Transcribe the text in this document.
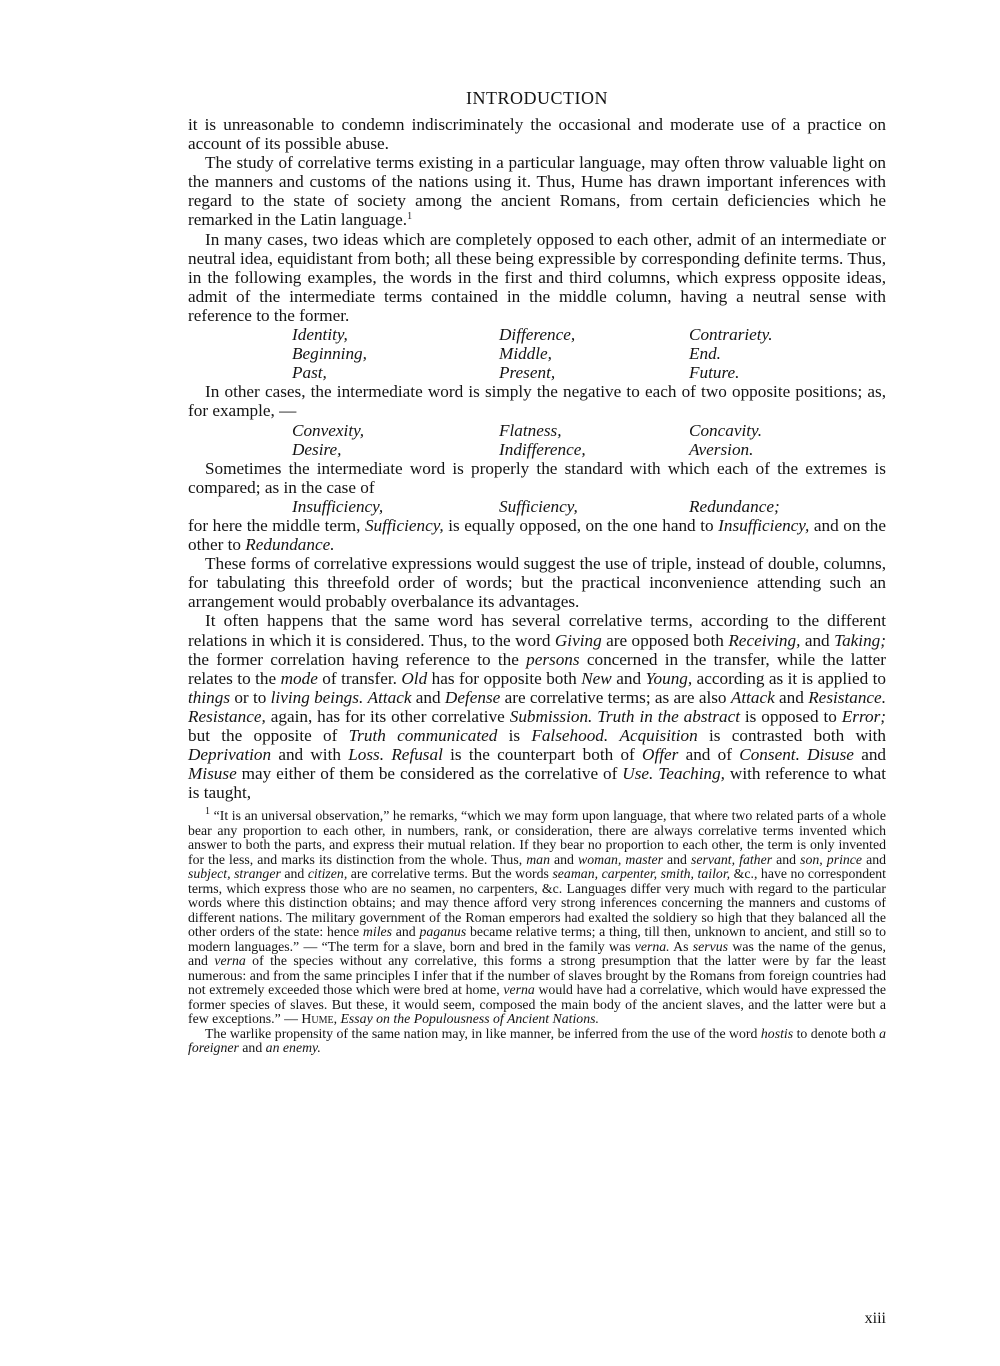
INTRODUCTION

it is unreasonable to condemn indiscriminately the occasional and moderate use of a practice on account of its possible abuse.

The study of correlative terms existing in a particular language, may often throw valuable light on the manners and customs of the nations using it. Thus, Hume has drawn important inferences with regard to the state of society among the ancient Romans, from certain deficiencies which he remarked in the Latin language.$^1$

In many cases, two ideas which are completely opposed to each other, admit of an intermediate or neutral idea, equidistant from both; all these being expressible by corresponding definite terms. Thus, in the following examples, the words in the first and third columns, which express opposite ideas, admit of the intermediate terms contained in the middle column, having a neutral sense with reference to the former.

Identity,	Difference,	Contrariety.
Beginning,	Middle,	End.
Past,	Present,	Future.

In other cases, the intermediate word is simply the negative to each of two opposite positions; as, for example, —

Convexity,	Flatness,	Concavity.
Desire,	Indifference,	Aversion.

Sometimes the intermediate word is properly the standard with which each of the extremes is compared; as in the case of

Insufficiency,	Sufficiency,	Redundance;

for here the middle term, Sufficiency, is equally opposed, on the one hand to Insufficiency, and on the other to Redundance.

These forms of correlative expressions would suggest the use of triple, instead of double, columns, for tabulating this threefold order of words; but the practical inconvenience attending such an arrangement would probably overbalance its advantages.

It often happens that the same word has several correlative terms, according to the different relations in which it is considered. Thus, to the word Giving are opposed both Receiving, and Taking; the former correlation having reference to the persons concerned in the transfer, while the latter relates to the mode of transfer. Old has for opposite both New and Young, according as it is applied to things or to living beings. Attack and Defense are correlative terms; as are also Attack and Resistance. Resistance, again, has for its other correlative Submission. Truth in the abstract is opposed to Error; but the opposite of Truth communicated is Falsehood. Acquisition is contrasted both with Deprivation and with Loss. Refusal is the counterpart both of Offer and of Consent. Disuse and Misuse may either of them be considered as the correlative of Use. Teaching, with reference to what is taught,

$^1$ “It is an universal observation,” he remarks, “which we may form upon language, that where two related parts of a whole bear any proportion to each other, in numbers, rank, or consideration, there are always correlative terms invented which answer to both the parts, and express their mutual relation. If they bear no proportion to each other, the term is only invented for the less, and marks its distinction from the whole. Thus, man and woman, master and servant, father and son, prince and subject, stranger and citizen, are correlative terms. But the words seaman, carpenter, smith, tailor, &c., have no correspondent terms, which express those who are no seamen, no carpenters, &c. Languages differ very much with regard to the particular words where this distinction obtains; and may thence afford very strong inferences concerning the manners and customs of different nations. The military government of the Roman emperors had exalted the soldiery so high that they balanced all the other orders of the state: hence miles and paganus became relative terms; a thing, till then, unknown to ancient, and still so to modern languages.” — “The term for a slave, born and bred in the family was verna. As servus was the name of the genus, and verna of the species without any correlative, this forms a strong presumption that the latter were by far the least numerous: and from the same principles I infer that if the number of slaves brought by the Romans from foreign countries had not extremely exceeded those which were bred at home, verna would have had a correlative, which would have expressed the former species of slaves. But these, it would seem, composed the main body of the ancient slaves, and the latter were but a few exceptions.” — Hume, Essay on the Populousness of Ancient Nations.

The warlike propensity of the same nation may, in like manner, be inferred from the use of the word hostis to denote both a foreigner and an enemy.

xiii
